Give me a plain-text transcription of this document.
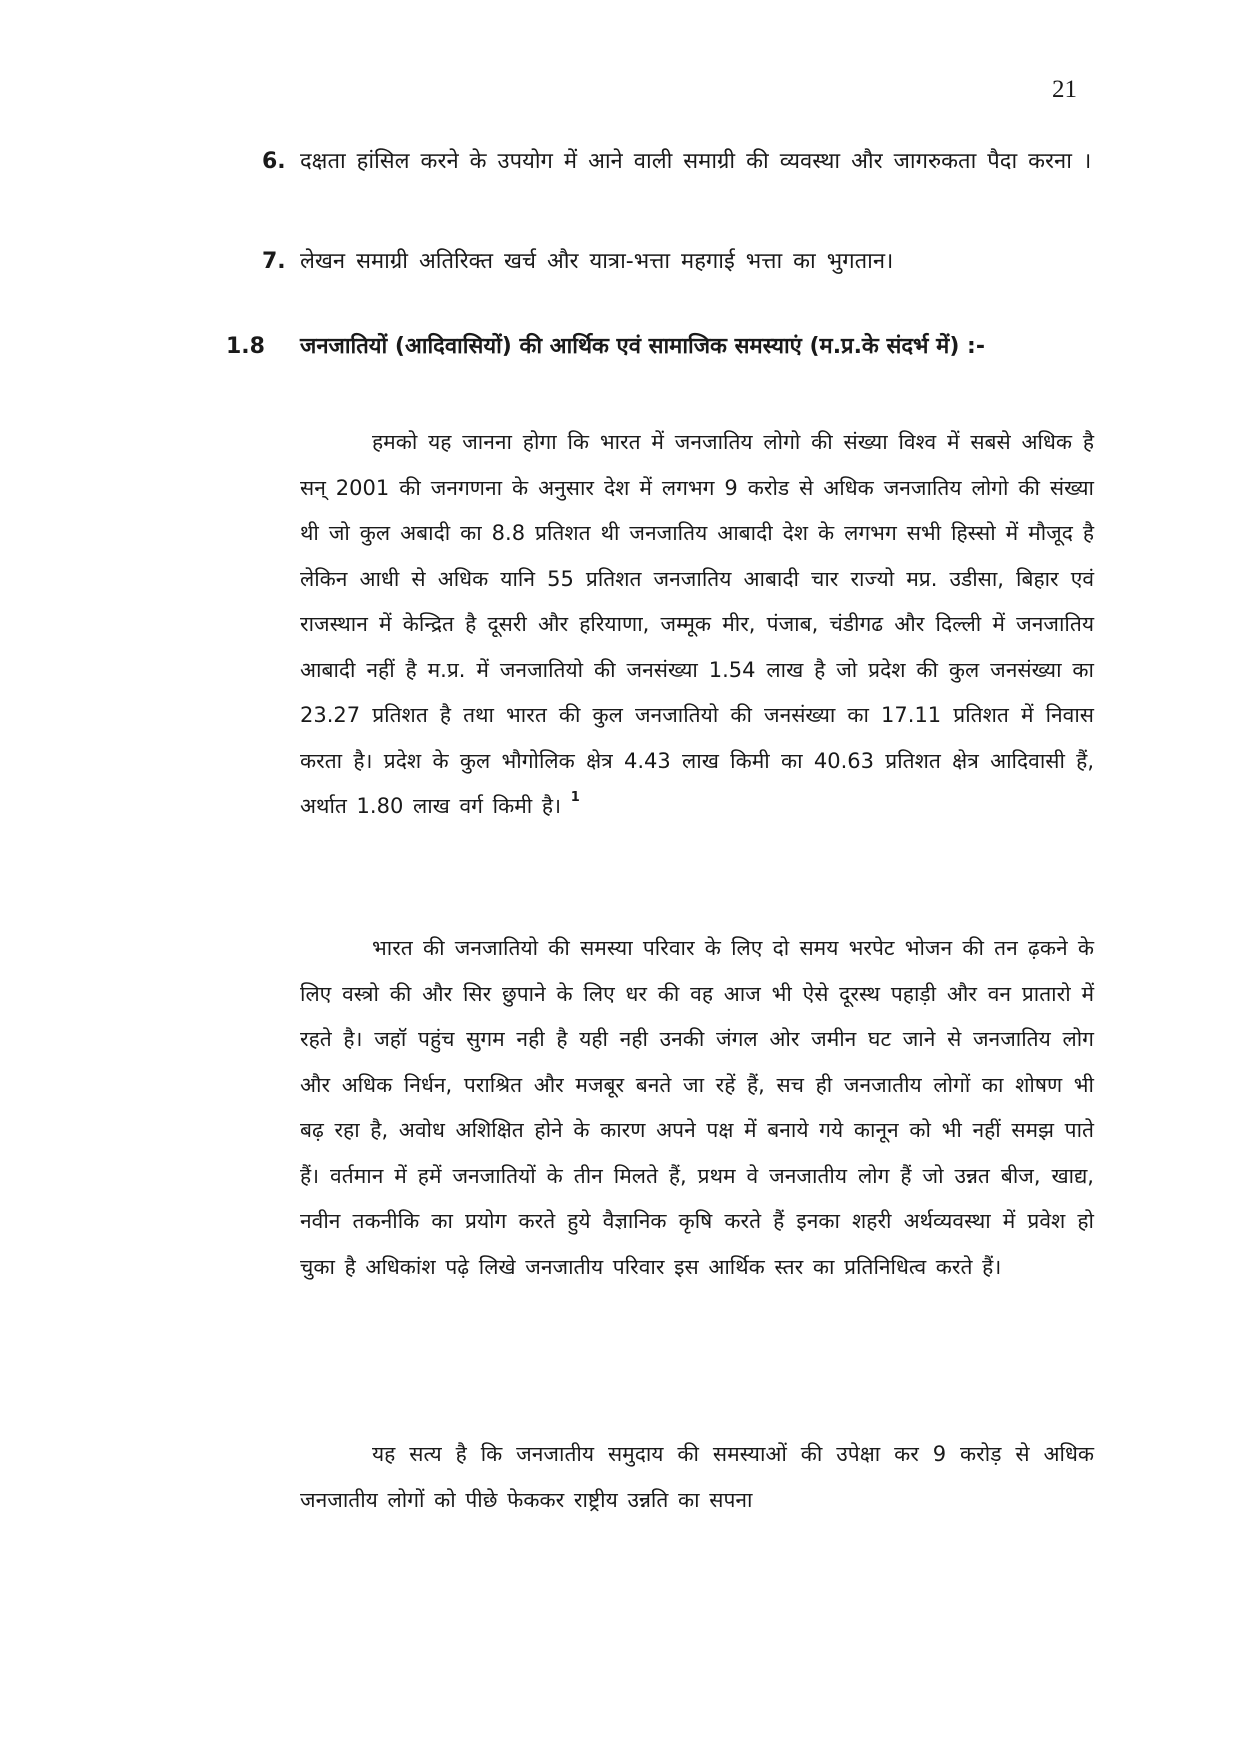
21
6. दक्षता हांसिल करने के उपयोग में आने वाली समाग्री की व्यवस्था और जागरुकता पैदा करना ।
7. लेखन समाग्री अतिरिक्त खर्च और यात्रा-भत्ता महगाई भत्ता का भुगतान।
1.8 जनजातियों (आदिवासियों) की आर्थिक एवं सामाजिक समस्याएं (म.प्र.के संदर्भ में) :-

हमको यह जानना होगा कि भारत में जनजातिय लोगो की संख्या विश्व में सबसे अधिक है सन् 2001 की जनगणना के अनुसार देश में लगभग 9 करोड से अधिक जनजातिय लोगो की संख्या थी जो कुल अबादी का 8.8 प्रतिशत थी जनजातिय आबादी देश के लगभग सभी हिस्सो में मौजूद है लेकिन आधी से अधिक यानि 55 प्रतिशत जनजातिय आबादी चार राज्यो मप्र. उडीसा, बिहार एवं राजस्थान में केन्द्रित है दूसरी और हरियाणा, जम्मूक मीर, पंजाब, चंडीगढ और दिल्ली में जनजातिय आबादी नहीं है म.प्र. में जनजातियो की जनसंख्या 1.54 लाख है जो प्रदेश की कुल जनसंख्या का 23.27 प्रतिशत है तथा भारत की कुल जनजातियो की जनसंख्या का 17.11 प्रतिशत में निवास करता है। प्रदेश के कुल भौगोलिक क्षेत्र 4.43 लाख किमी का 40.63 प्रतिशत क्षेत्र आदिवासी हैं, अर्थात 1.80 लाख वर्ग किमी है। $^1$

भारत की जनजातियो की समस्या परिवार के लिए दो समय भरपेट भोजन की तन ढ़कने के लिए वस्त्रो की और सिर छुपाने के लिए धर की वह आज भी ऐसे दूरस्थ पहाड़ी और वन प्रातारो में रहते है। जहॉ पहुंच सुगम नही है यही नही उनकी जंगल ओर जमीन घट जाने से जनजातिय लोग और अधिक निर्धन, पराश्रित और मजबूर बनते जा रहें हैं, सच ही जनजातीय लोगों का शोषण भी बढ़ रहा है, अवोध अशिक्षित होने के कारण अपने पक्ष में बनाये गये कानून को भी नहीं समझ पाते हैं। वर्तमान में हमें जनजातियों के तीन मिलते हैं, प्रथम वे जनजातीय लोग हैं जो उन्नत बीज, खाद्य, नवीन तकनीकि का प्रयोग करते हुये वैज्ञानिक कृषि करते हैं इनका शहरी अर्थव्यवस्था में प्रवेश हो चुका है अधिकांश पढ़े लिखे जनजातीय परिवार इस आर्थिक स्तर का प्रतिनिधित्व करते हैं।

यह सत्य है कि जनजातीय समुदाय की समस्याओं की उपेक्षा कर 9 करोड़ से अधिक जनजातीय लोगों को पीछे फेककर राष्ट्रीय उन्नति का सपना
